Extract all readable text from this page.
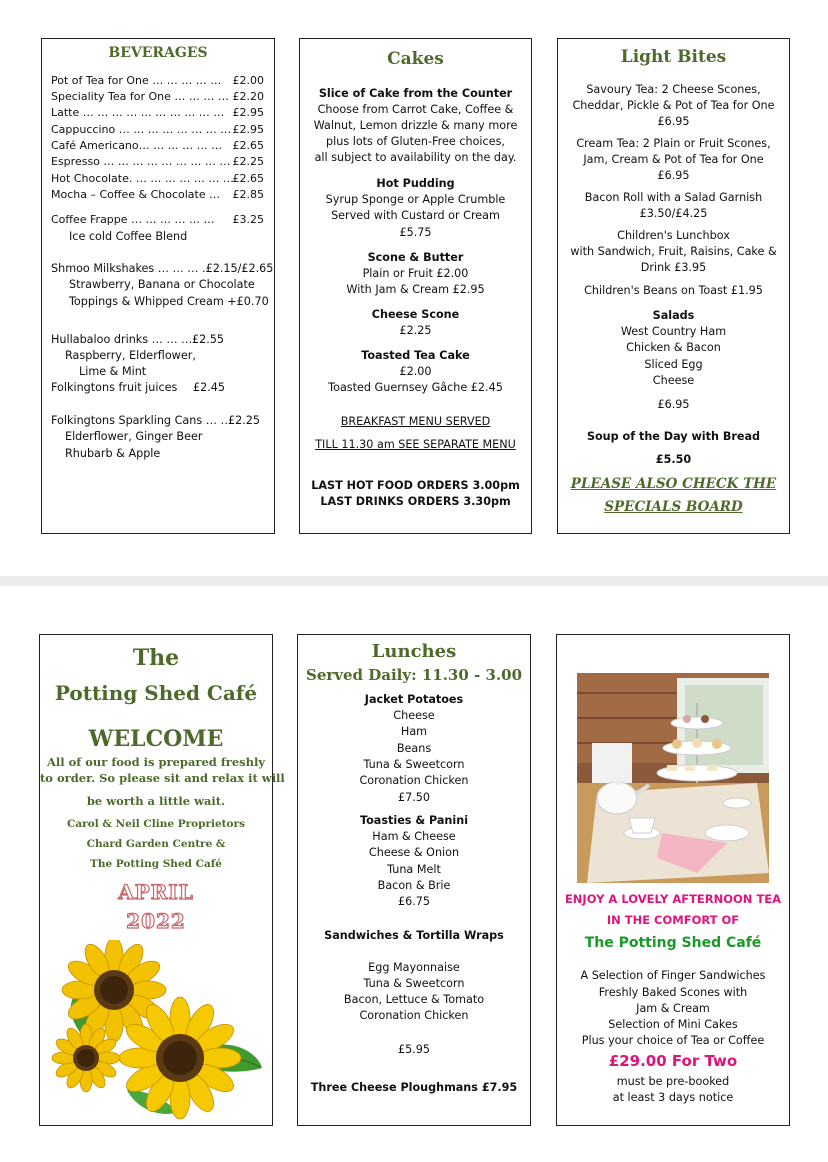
BEVERAGES
Pot of Tea for One … … … … … £2.00
Speciality Tea for One … … … … £2.20
Latte … … … … … … … … … … £2.95
Cappuccino … … … … … … … … £2.95
Café Americano… … … … … … £2.65
Espresso … … … … … … … … … £2.25
Hot Chocolate. … … … … … … …
£2.65
Mocha – Coffee & Chocolate … £2.85
Coffee Frappe … … … … … … £3.25
Ice cold Coffee Blend
Shmoo Milkshakes … … … .£2.15/£2.65
Strawberry, Banana or Chocolate
Toppings & Whipped Cream +£0.70
Hullabaloo drinks … … … £2.55
Raspberry, Elderflower,
Lime & Mint
Folkingtons fruit juices £2.45
Folkingtons Sparkling Cans … …
£2.25
Elderflower, Ginger Beer
Rhubarb & Apple
Cakes
Slice of Cake from the Counter
Choose from Carrot Cake, Coffee &
Walnut, Lemon drizzle & many more
plus lots of Gluten-Free choices,
all subject to availability on the day.
Hot Pudding
Syrup Sponge or Apple Crumble
Served with Custard or Cream
£5.75
Scone & Butter
Plain or Fruit £2.00
With Jam & Cream £2.95
Cheese Scone
£2.25
Toasted Tea Cake
£2.00
Toasted Guernsey Gâche £2.45
BREAKFAST MENU SERVED
TILL 11.30 am SEE SEPARATE MENU
LAST HOT FOOD ORDERS 3.00pm
LAST DRINKS ORDERS 3.30pm
Light Bites
Savoury Tea: 2 Cheese Scones,
Cheddar, Pickle & Pot of Tea for One
£6.95
Cream Tea: 2 Plain or Fruit Scones,
Jam, Cream & Pot of Tea for One
£6.95
Bacon Roll with a Salad Garnish
£3.50/£4.25
Children's Lunchbox
with Sandwich, Fruit, Raisins, Cake &
Drink £3.95
Children's Beans on Toast £1.95
Salads
West Country Ham
Chicken & Bacon
Sliced Egg
Cheese
£6.95
Soup of the Day with Bread
£5.50
PLEASE ALSO CHECK THE
SPECIALS BOARD
The
Potting Shed Café
WELCOME
All of our food is prepared freshly
to order. So please sit and relax it will
be worth a little wait.
Carol & Neil Cline Proprietors
Chard Garden Centre &
The Potting Shed Café
APRIL
2022
Lunches
Served Daily: 11.30 - 3.00
Jacket Potatoes
Cheese
Ham
Beans
Tuna & Sweetcorn
Coronation Chicken
£7.50
Toasties & Panini
Ham & Cheese
Cheese & Onion
Tuna Melt
Bacon & Brie
£6.75
Sandwiches & Tortilla Wraps
Egg Mayonnaise
Tuna & Sweetcorn
Bacon, Lettuce & Tomato
Coronation Chicken
£5.95
Three Cheese Ploughmans £7.95
ENJOY A LOVELY AFTERNOON TEA
IN THE COMFORT OF
The Potting Shed Café
A Selection of Finger Sandwiches
Freshly Baked Scones with
Jam & Cream
Selection of Mini Cakes
Plus your choice of Tea or Coffee
£29.00 For Two
must be pre-booked
at least 3 days notice
